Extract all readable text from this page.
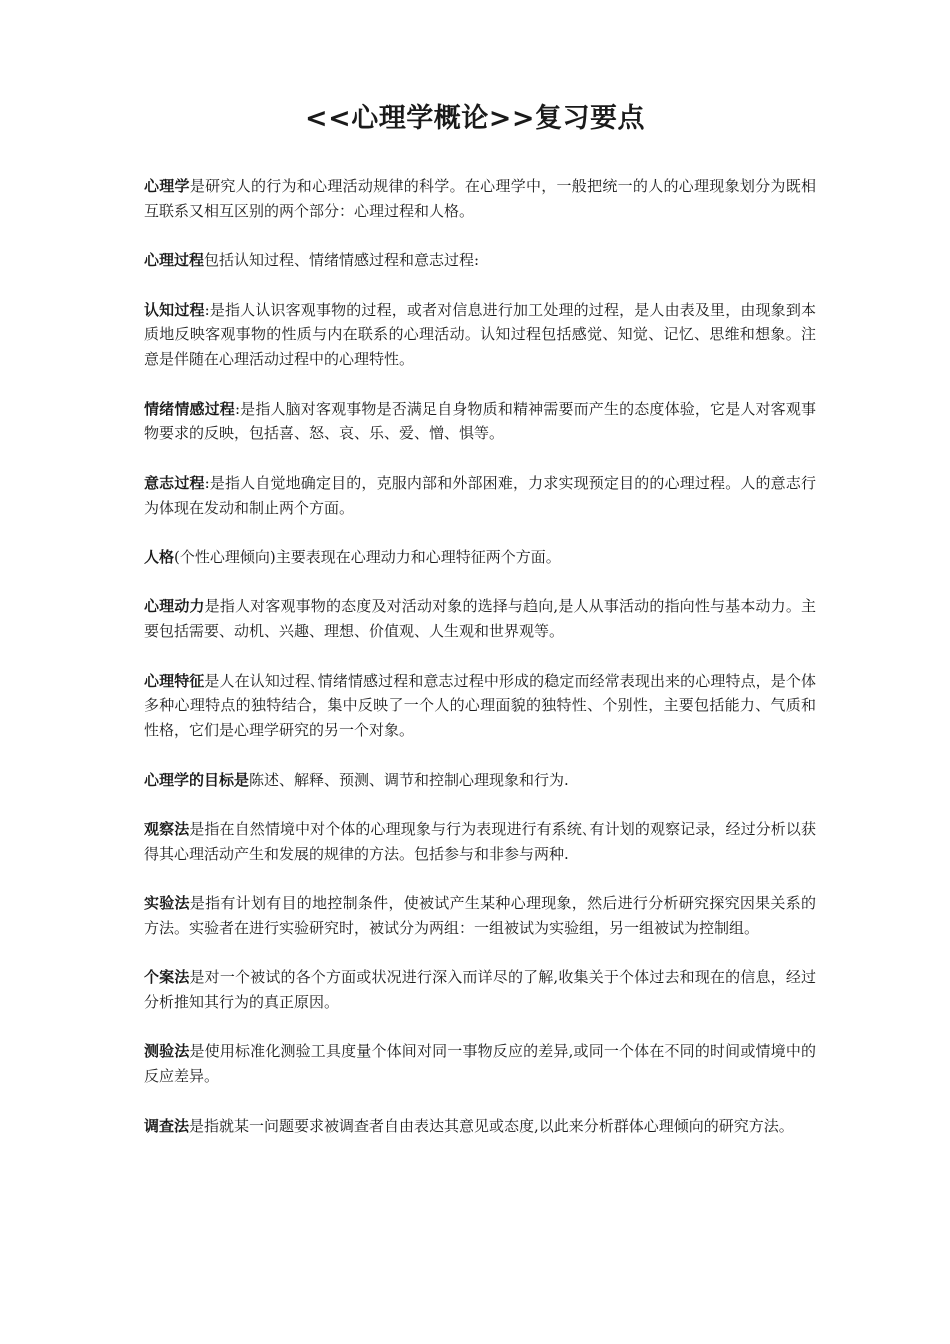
<<心理学概论>>复习要点

心理学是研究人的行为和心理活动规律的科学。在心理学中，一般把统一的人的心理现象划分为既相互联系又相互区别的两个部分：心理过程和人格。

心理过程包括认知过程、情绪情感过程和意志过程:

认知过程:是指人认识客观事物的过程，或者对信息进行加工处理的过程，是人由表及里，由现象到本质地反映客观事物的性质与内在联系的心理活动。认知过程包括感觉、知觉、记忆、思维和想象。注意是伴随在心理活动过程中的心理特性。

情绪情感过程:是指人脑对客观事物是否满足自身物质和精神需要而产生的态度体验，它是人对客观事物要求的反映，包括喜、怒、哀、乐、爱、憎、惧等。

意志过程:是指人自觉地确定目的，克服内部和外部困难，力求实现预定目的的心理过程。人的意志行为体现在发动和制止两个方面。

人格(个性心理倾向)主要表现在心理动力和心理特征两个方面。

心理动力是指人对客观事物的态度及对活动对象的选择与趋向,是人从事活动的指向性与基本动力。主要包括需要、动机、兴趣、理想、价值观、人生观和世界观等。

心理特征是人在认知过程､情绪情感过程和意志过程中形成的稳定而经常表现出来的心理特点，是个体多种心理特点的独特结合，集中反映了一个人的心理面貌的独特性、个别性，主要包括能力、气质和性格，它们是心理学研究的另一个对象。

心理学的目标是陈述、解释、预测、调节和控制心理现象和行为.

观察法是指在自然情境中对个体的心理现象与行为表现进行有系统､有计划的观察记录，经过分析以获得其心理活动产生和发展的规律的方法。包括参与和非参与两种.

实验法是指有计划有目的地控制条件，使被试产生某种心理现象，然后进行分析研究探究因果关系的方法。实验者在进行实验研究时，被试分为两组：一组被试为实验组，另一组被试为控制组。

个案法是对一个被试的各个方面或状况进行深入而详尽的了解,收集关于个体过去和现在的信息，经过分析推知其行为的真正原因。

测验法是使用标准化测验工具度量个体间对同一事物反应的差异,或同一个体在不同的时间或情境中的反应差异。

调查法是指就某一问题要求被调查者自由表达其意见或态度,以此来分析群体心理倾向的研究方法。
